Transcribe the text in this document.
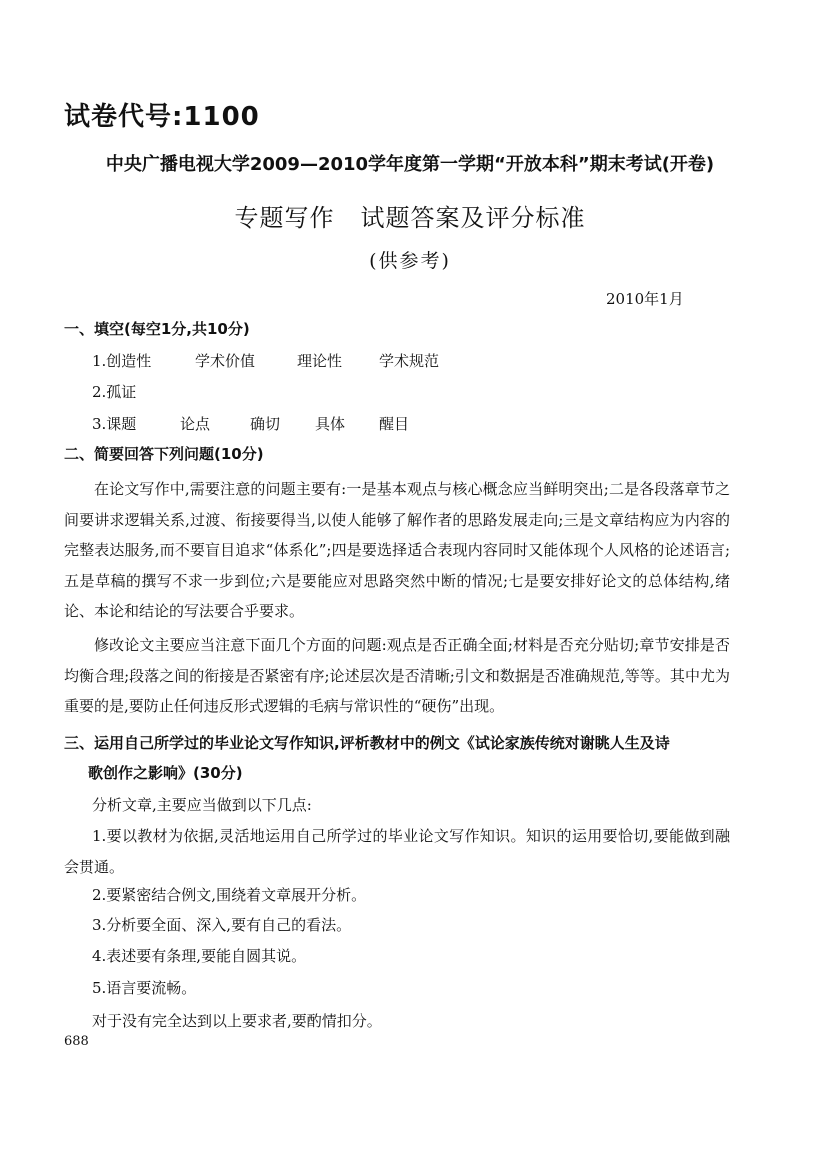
试卷代号:1100
中央广播电视大学2009—2010学年度第一学期“开放本科”期末考试(开卷)
专题写作 试题答案及评分标准
(供参考)
2010年1月
一、填空(每空1分,共10分)
1.创造性	学术价值	理论性 学术规范
2.孤证
3.课题	论点	确切 具体 醒目
二、简要回答下列问题(10分)
在论文写作中,需要注意的问题主要有:一是基本观点与核心概念应当鲜明突出;二是各段落章节之间要讲求逻辑关系,过渡、衔接要得当,以使人能够了解作者的思路发展走向;三是文章结构应为内容的完整表达服务,而不要盲目追求“体系化”;四是要选择适合表现内容同时又能体现个人风格的论述语言;五是草稿的撰写不求一步到位;六是要能应对思路突然中断的情况;七是要安排好论文的总体结构,绪论、本论和结论的写法要合乎要求。
修改论文主要应当注意下面几个方面的问题:观点是否正确全面;材料是否充分贴切;章节安排是否均衡合理;段落之间的衔接是否紧密有序;论述层次是否清晰;引文和数据是否准确规范,等等。其中尤为重要的是,要防止任何违反形式逻辑的毛病与常识性的“硬伤”出现。
三、运用自己所学过的毕业论文写作知识,评析教材中的例文《试论家族传统对谢眺人生及诗
歌创作之影响》(30分)
分析文章,主要应当做到以下几点:
1.要以教材为依据,灵活地运用自己所学过的毕业论文写作知识。知识的运用要恰切,要能做到融会贯通。
2.要紧密结合例文,围绕着文章展开分析。
3.分析要全面、深入,要有自己的看法。
4.表述要有条理,要能自圆其说。
5.语言要流畅。
对于没有完全达到以上要求者,要酌情扣分。
688
